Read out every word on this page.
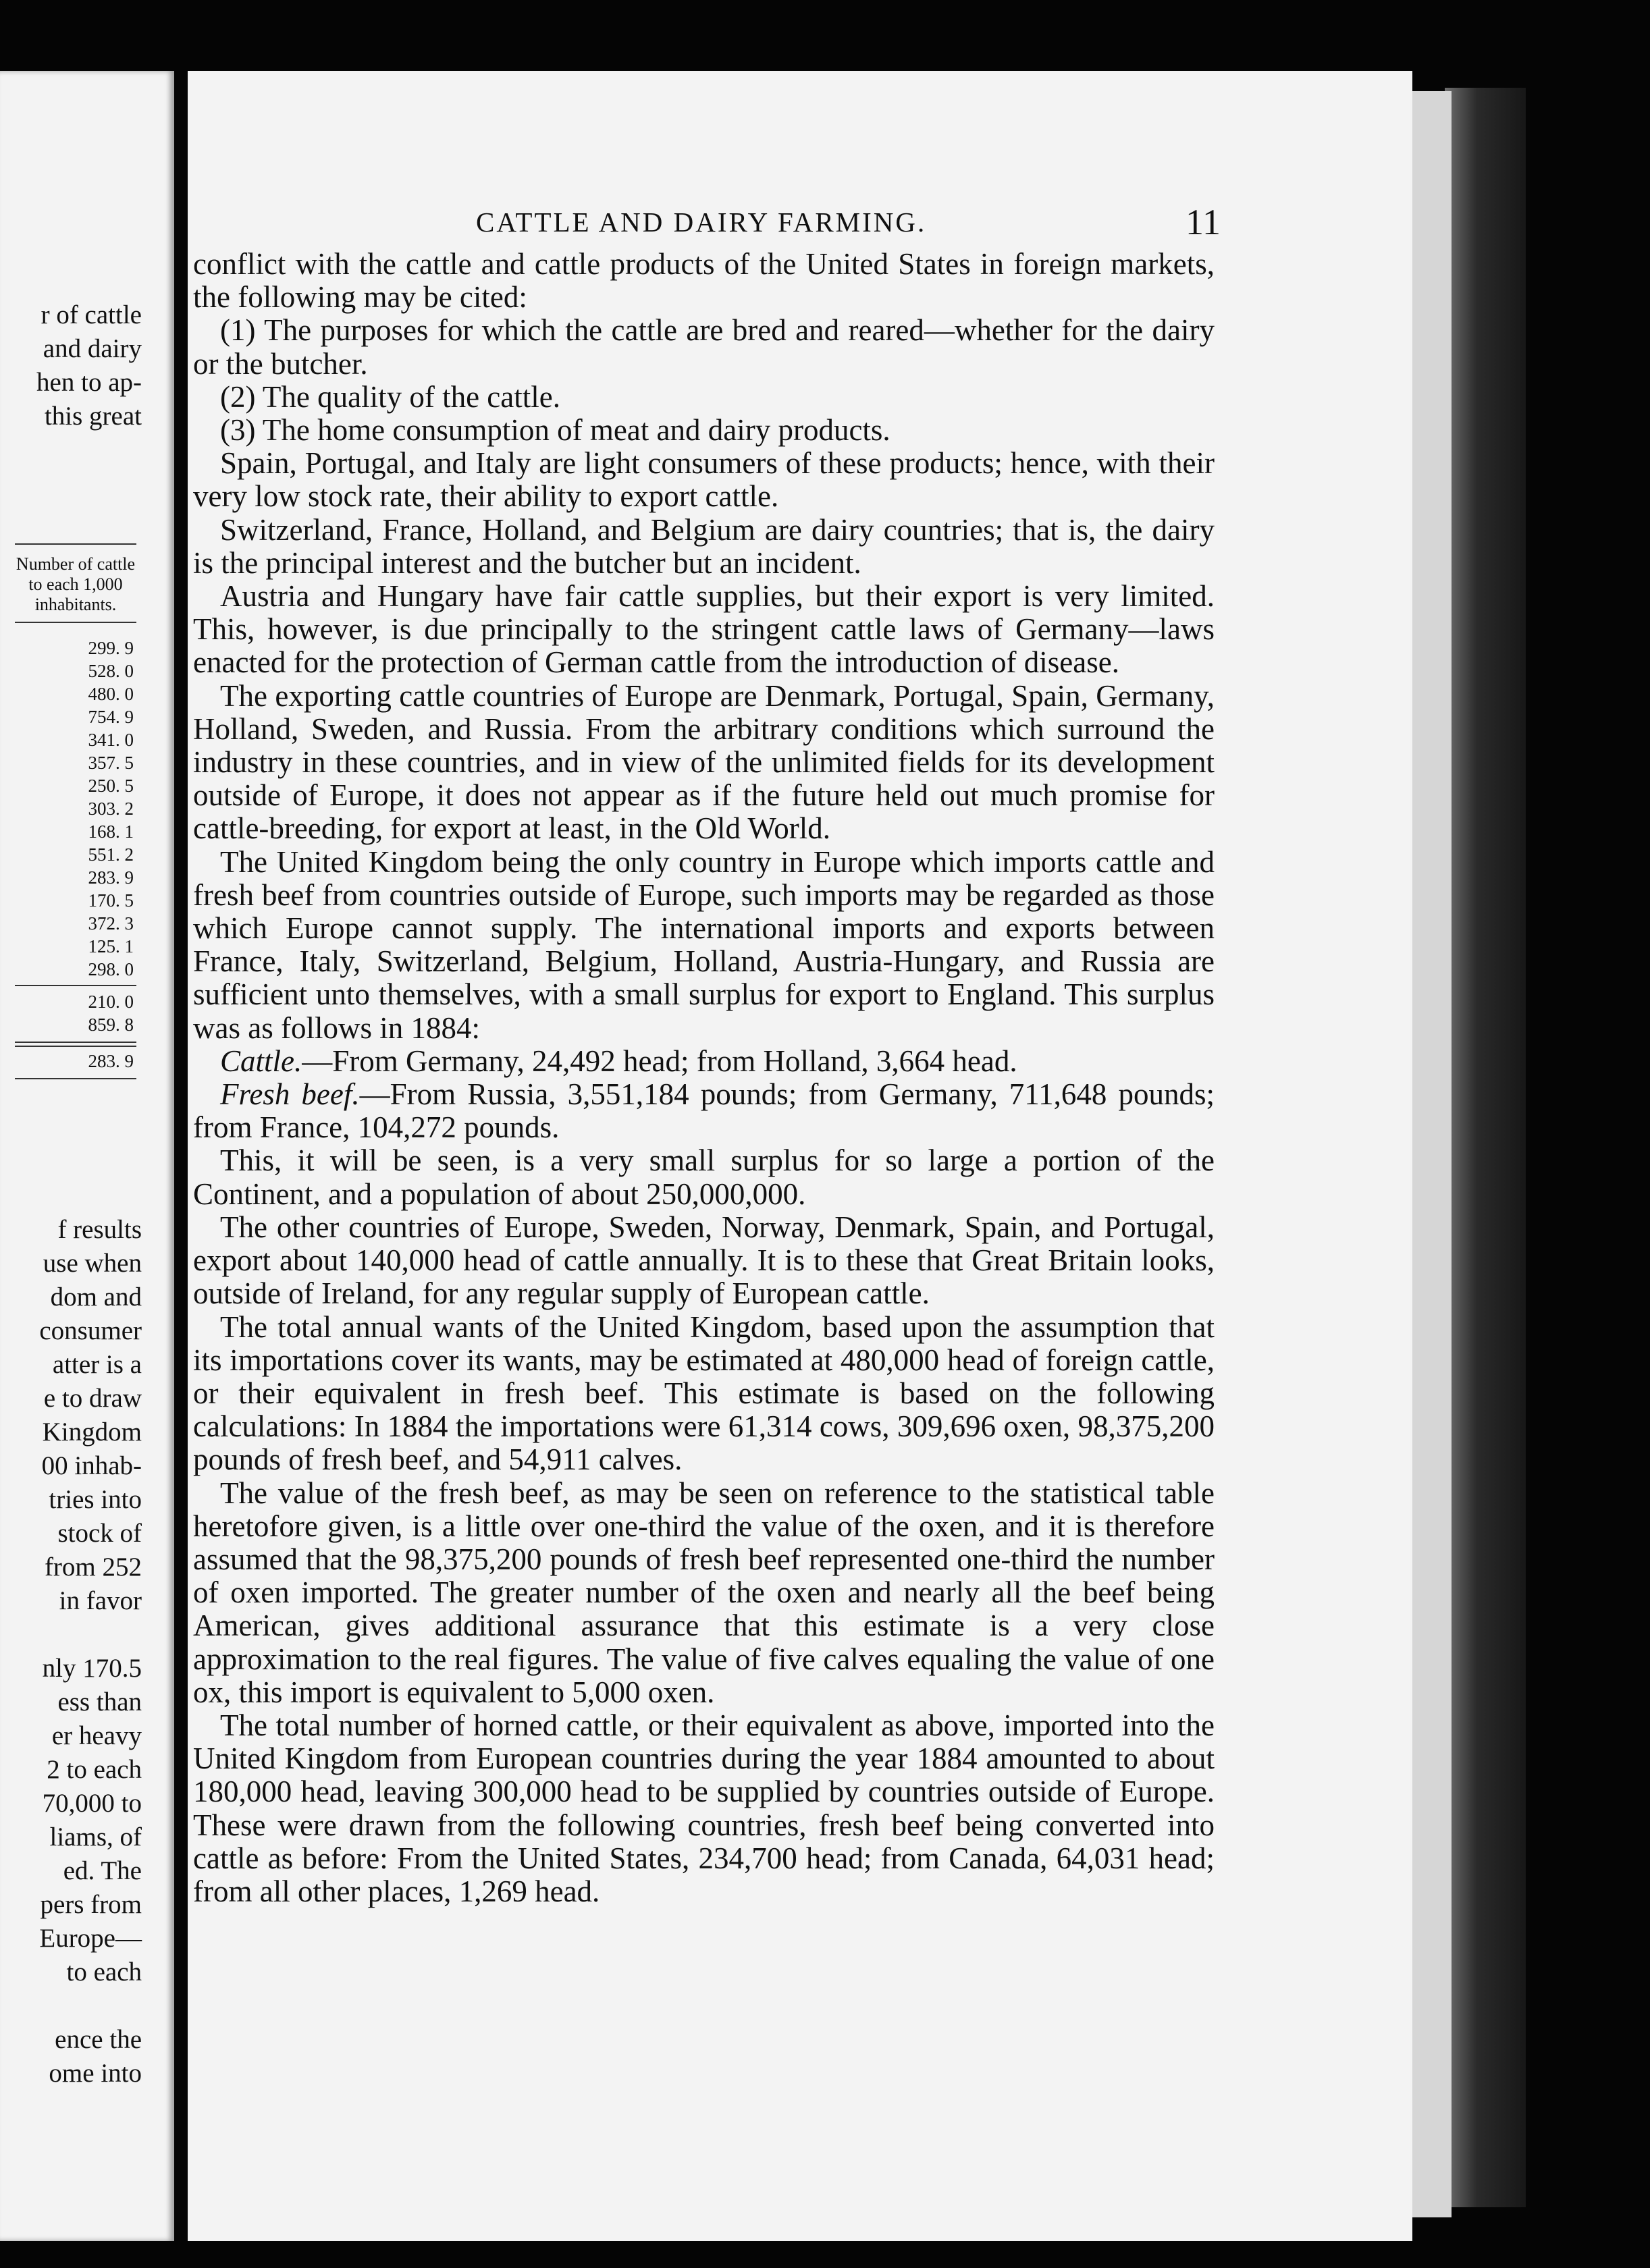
r of cattle
and dairy
hen to ap-
this great
Number of cattle to each 1,000 inhabitants.
299. 9
528. 0
480. 0
754. 9
341. 0
357. 5
250. 5
303. 2
168. 1
551. 2
283. 9
170. 5
372. 3
125. 1
298. 0
210. 0
859. 8
283. 9
f results
use when
dom and
consumer
atter is a
e to draw
Kingdom
00 inhab-
tries into
stock of
from 252
in favor

nly 170.5
ess than
er heavy
2 to each
70,000 to
liams, of
ed. The
pers from
Europe—
to each

ence the
ome into
CATTLE AND DAIRY FARMING.	11

conflict with the cattle and cattle products of the United States in foreign markets, the following may be cited:

(1) The purposes for which the cattle are bred and reared—whether for the dairy or the butcher.

(2) The quality of the cattle.

(3) The home consumption of meat and dairy products.

Spain, Portugal, and Italy are light consumers of these products; hence, with their very low stock rate, their ability to export cattle.

Switzerland, France, Holland, and Belgium are dairy countries; that is, the dairy is the principal interest and the butcher but an incident.

Austria and Hungary have fair cattle supplies, but their export is very limited. This, however, is due principally to the stringent cattle laws of Germany—laws enacted for the protection of German cattle from the introduction of disease.

The exporting cattle countries of Europe are Denmark, Portugal, Spain, Germany, Holland, Sweden, and Russia. From the arbitrary conditions which surround the industry in these countries, and in view of the unlimited fields for its development outside of Europe, it does not appear as if the future held out much promise for cattle-breeding, for export at least, in the Old World.

The United Kingdom being the only country in Europe which imports cattle and fresh beef from countries outside of Europe, such imports may be regarded as those which Europe cannot supply. The international imports and exports between France, Italy, Switzerland, Belgium, Holland, Austria-Hungary, and Russia are sufficient unto themselves, with a small surplus for export to England. This surplus was as follows in 1884:

Cattle.—From Germany, 24,492 head; from Holland, 3,664 head.

Fresh beef.—From Russia, 3,551,184 pounds; from Germany, 711,648 pounds; from France, 104,272 pounds.

This, it will be seen, is a very small surplus for so large a portion of the Continent, and a population of about 250,000,000.

The other countries of Europe, Sweden, Norway, Denmark, Spain, and Portugal, export about 140,000 head of cattle annually. It is to these that Great Britain looks, outside of Ireland, for any regular supply of European cattle.

The total annual wants of the United Kingdom, based upon the assumption that its importations cover its wants, may be estimated at 480,000 head of foreign cattle, or their equivalent in fresh beef. This estimate is based on the following calculations: In 1884 the importations were 61,314 cows, 309,696 oxen, 98,375,200 pounds of fresh beef, and 54,911 calves.

The value of the fresh beef, as may be seen on reference to the statistical table heretofore given, is a little over one-third the value of the oxen, and it is therefore assumed that the 98,375,200 pounds of fresh beef represented one-third the number of oxen imported. The greater number of the oxen and nearly all the beef being American, gives additional assurance that this estimate is a very close approximation to the real figures. The value of five calves equaling the value of one ox, this import is equivalent to 5,000 oxen.

The total number of horned cattle, or their equivalent as above, imported into the United Kingdom from European countries during the year 1884 amounted to about 180,000 head, leaving 300,000 head to be supplied by countries outside of Europe. These were drawn from the following countries, fresh beef being converted into cattle as before: From the United States, 234,700 head; from Canada, 64,031 head; from all other places, 1,269 head.
